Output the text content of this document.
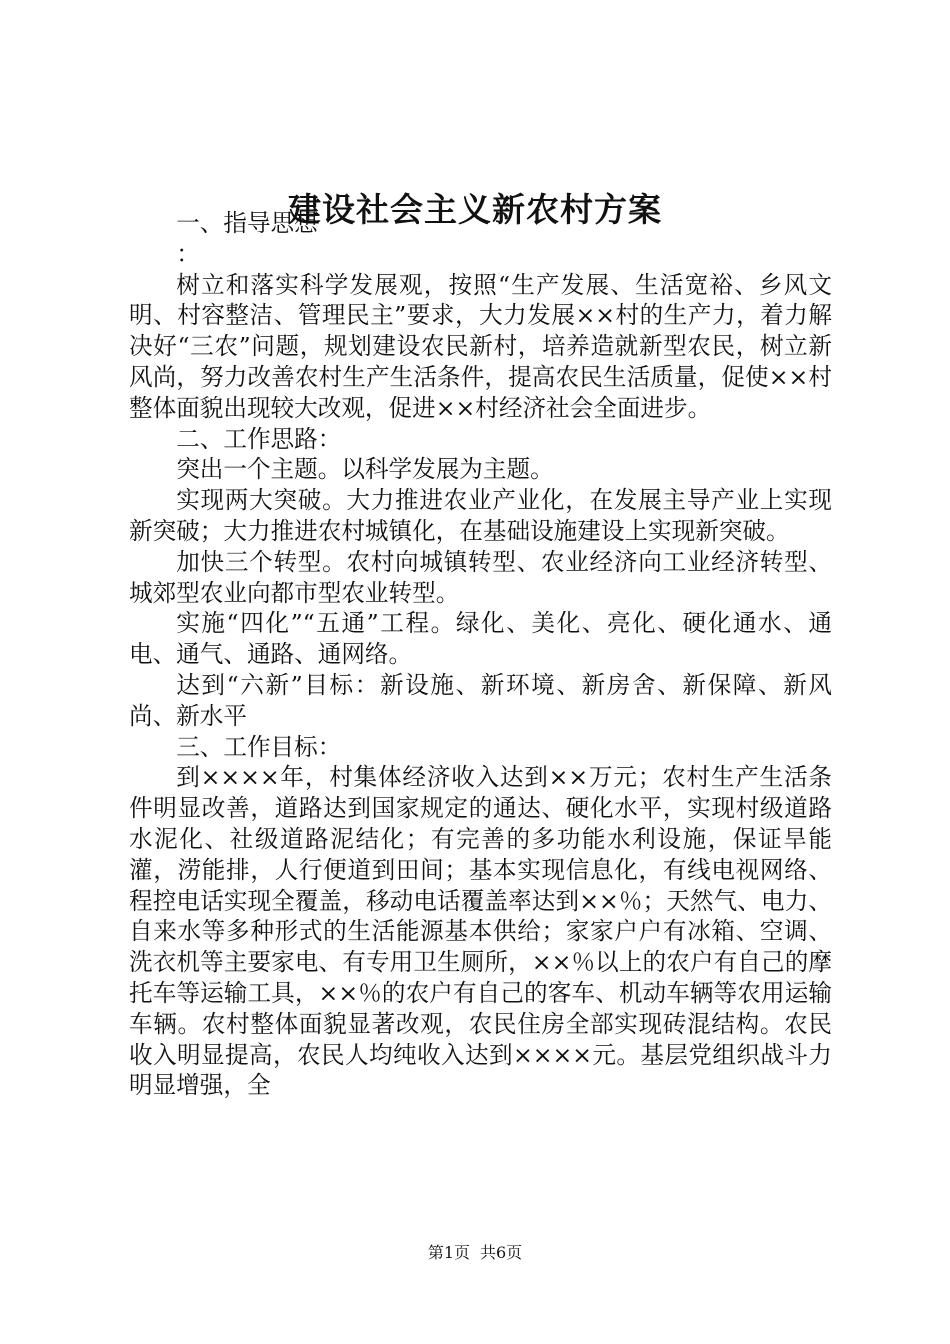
建设社会主义新农村方案

一、指导思想

：

树立和落实科学发展观，按照“生产发展、生活宽裕、乡风文明、村容整洁、管理民主”要求，大力发展××村的生产力，着力解决好“三农”问题，规划建设农民新村，培养造就新型农民，树立新风尚，努力改善农村生产生活条件，提高农民生活质量，促使××村整体面貌出现较大改观，促进××村经济社会全面进步。

二、工作思路：

突出一个主题。以科学发展为主题。

实现两大突破。大力推进农业产业化，在发展主导产业上实现新突破；大力推进农村城镇化，在基础设施建设上实现新突破。

加快三个转型。农村向城镇转型、农业经济向工业经济转型、城郊型农业向都市型农业转型。

实施“四化”“五通”工程。绿化、美化、亮化、硬化通水、通电、通气、通路、通网络。

达到“六新”目标：新设施、新环境、新房舍、新保障、新风尚、新水平

三、工作目标：

到××××年，村集体经济收入达到××万元；农村生产生活条件明显改善，道路达到国家规定的通达、硬化水平，实现村级道路水泥化、社级道路泥结化；有完善的多功能水利设施，保证旱能灌，涝能排，人行便道到田间；基本实现信息化，有线电视网络、程控电话实现全覆盖，移动电话覆盖率达到××％；天然气、电力、自来水等多种形式的生活能源基本供给；家家户户有冰箱、空调、洗衣机等主要家电、有专用卫生厕所，××％以上的农户有自己的摩托车等运输工具，××％的农户有自己的客车、机动车辆等农用运输车辆。农村整体面貌显著改观，农民住房全部实现砖混结构。农民收入明显提高，农民人均纯收入达到××××元。基层党组织战斗力明显增强，全

第1页 共6页
